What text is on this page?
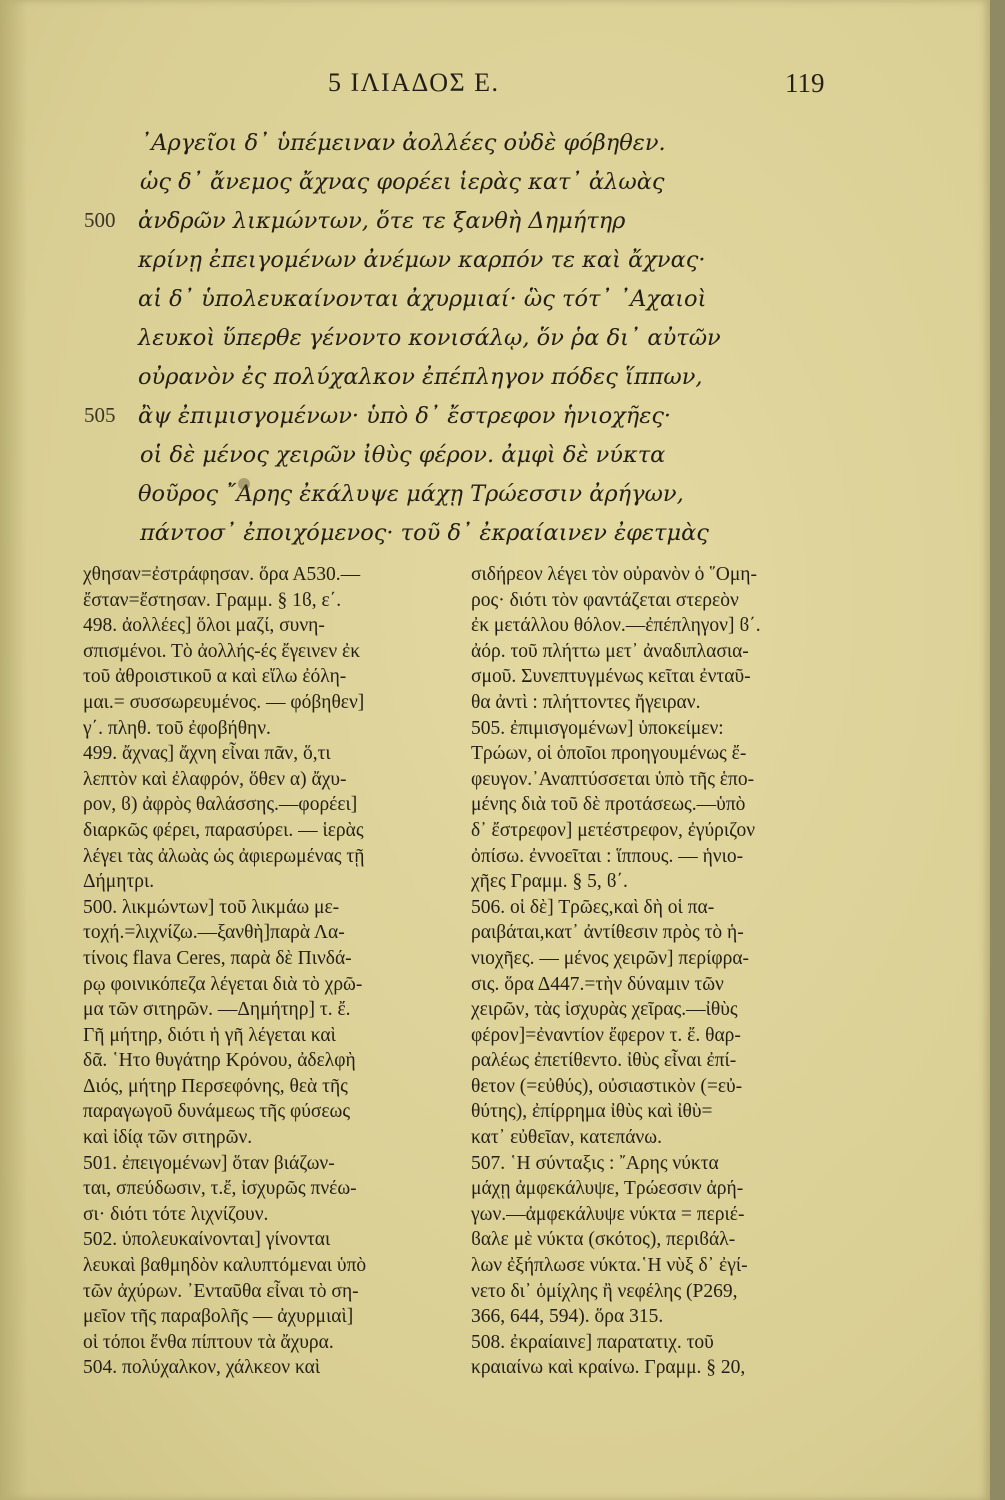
5 ΙΛΙΑΔΟΣ Ε.	119
᾿Αργεῖοι δ᾿ ὑπέμειναν ἀολλέες οὐδὲ φόβηθεν.
ὡς δ᾿ ἄνεμος ἄχνας φορέει ἱερὰς κατ᾿ ἀλωὰς
500 ἀνδρῶν λικμώντων, ὅτε τε ξανθὴ Δημήτηρ
κρίνῃ ἐπειγομένων ἀνέμων καρπόν τε καὶ ἄχνας·
αἱ δ᾿ ὑπολευκαίνονται ἀχυρμιαί· ὣς τότ᾿ ᾿Αχαιοὶ
λευκοὶ ὕπερθε γένοντο κονισάλῳ, ὅν ῥα δι᾿ αὐτῶν
οὐρανὸν ἐς πολύχαλκον ἐπέπληγον πόδες ἵππων,
505 ἂψ ἐπιμισγομένων· ὑπὸ δ᾿ ἔστρεφον ἡνιοχῆες·
οἱ δὲ μένος χειρῶν ἰθὺς φέρον. ἀμφὶ δὲ νύκτα
θοῦρος ῎Αρης ἐκάλυψε μάχῃ Τρώεσσιν ἀρήγων,
πάντοσ᾿ ἐποιχόμενος· τοῦ δ᾿ ἐκραίαινεν ἐφετμὰς
χθησαν=ἐστράφησαν. ὅρα Α530.—
ἔσταν=ἔστησαν. Γραμμ. § 1ϐ, ε΄.
498. ἀολλέες] ὅλοι μαζί, συνη-
σπισμένοι. Τὸ ἀολλής-ές ἔγεινεν ἐκ
τοῦ ἀθροιστικοῦ α καὶ εἴλω ἐόλη-
μαι.= συσσωρευμένος. — φόβηθεν]
γ΄. πληθ. τοῦ ἐφοβήθην.
499. ἄχνας] ἄχνη εἶναι πᾶν, ὅ,τι
λεπτὸν καὶ ἐλαφρόν, ὅθεν α) ἄχυ-
ρον, ϐ) ἀφρὸς θαλάσσης.—φορέει]
διαρκῶς φέρει, παρασύρει. — ἱερὰς
λέγει τὰς ἀλωὰς ὡς ἀφιερωμένας τῇ
Δήμητρι.
500. λικμώντων] τοῦ λικμάω με-
τοχή.=λιχνίζω.—ξανθὴ]παρὰ Λα-
τίνοις flava Ceres, παρὰ δὲ Πινδά-
ρῳ φοινικόπεζα λέγεται διὰ τὸ χρῶ-
μα τῶν σιτηρῶν. —Δημήτηρ] τ. ἔ.
Γῆ μήτηρ, διότι ἡ γῆ λέγεται καὶ
δᾶ. ῾Ητο θυγάτηρ Κρόνου, ἀδελφὴ
Διός, μήτηρ Περσεφόνης, θεὰ τῆς
παραγωγοῦ δυνάμεως τῆς φύσεως
καὶ ἰδίᾳ τῶν σιτηρῶν.
501. ἐπειγομένων] ὅταν βιάζων-
ται, σπεύδωσιν, τ.ἔ, ἰσχυρῶς πνέω-
σι· διότι τότε λιχνίζουν.
502. ὑπολευκαίνονται] γίνονται
λευκαὶ βαθμηδὸν καλυπτόμεναι ὑπὸ
τῶν ἀχύρων. ᾿Ενταῦθα εἶναι τὸ ση-
μεῖον τῆς παραβολῆς — ἀχυρμιαὶ]
οἱ τόποι ἔνθα πίπτουν τὰ ἄχυρα.
504. πολύχαλκον, χάλκεον καὶ
σιδήρεον λέγει τὸν οὐρανὸν ὁ ῞Ομη-
ρος· διότι τὸν φαντάζεται στερεὸν
ἐκ μετάλλου θόλον.—ἐπέπληγον] ϐ΄.
ἀόρ. τοῦ πλήττω μετ᾿ ἀναδιπλασια-
σμοῦ. Συνεπτυγμένως κεῖται ἐνταῦ-
θα ἀντὶ : πλήττοντες ἤγειραν.
505. ἐπιμισγομένων] ὑποκείμεν:
Τρώων, οἱ ὁποῖοι προηγουμένως ἔ-
φευγον.᾿Αναπτύσσεται ὑπὸ τῆς ἑπο-
μένης διὰ τοῦ δὲ προτάσεως.—ὑπὸ
δ᾿ ἔστρεφον] μετέστρεφον, ἐγύριζον
ὀπίσω. ἐννοεῖται : ἵππους. — ἡνιο-
χῆες Γραμμ. § 5, ϐ΄.
506. οἱ δὲ] Τρῶες,καὶ δὴ οἱ πα-
ραιβάται,κατ᾿ ἀντίθεσιν πρὸς τὸ ἡ-
νιοχῆες. — μένος χειρῶν] περίφρα-
σις. ὅρα Δ447.=τὴν δύναμιν τῶν
χειρῶν, τὰς ἰσχυρὰς χεῖρας.—ἰθὺς
φέρον]=ἐναντίον ἔφερον τ. ἔ. θαρ-
ραλέως ἐπετίθεντο. ἰθὺς εἶναι ἐπί-
θετον (=εὐθύς), οὐσιαστικὸν (=εὐ-
θύτης), ἐπίρρημα ἰθὺς καὶ ἰθὺ=
κατ᾿ εὐθεῖαν, κατεπάνω.
507. ῾Η σύνταξις : ῎Αρης νύκτα
μάχῃ ἀμφεκάλυψε, Τρώεσσιν ἀρή-
γων.—ἀμφεκάλυψε νύκτα = περιέ-
ϐαλε μὲ νύκτα (σκότος), περιϐάλ-
λων ἐξήπλωσε νύκτα.῾Η νὺξ δ᾿ ἐγί-
νετο δι᾿ ὁμίχλης ἢ νεφέλης (Ρ269,
366, 644, 594). ὅρα 315.
508. ἐκραίαινε] παρατατιχ. τοῦ
κραιαίνω καὶ κραίνω. Γραμμ. § 20,
